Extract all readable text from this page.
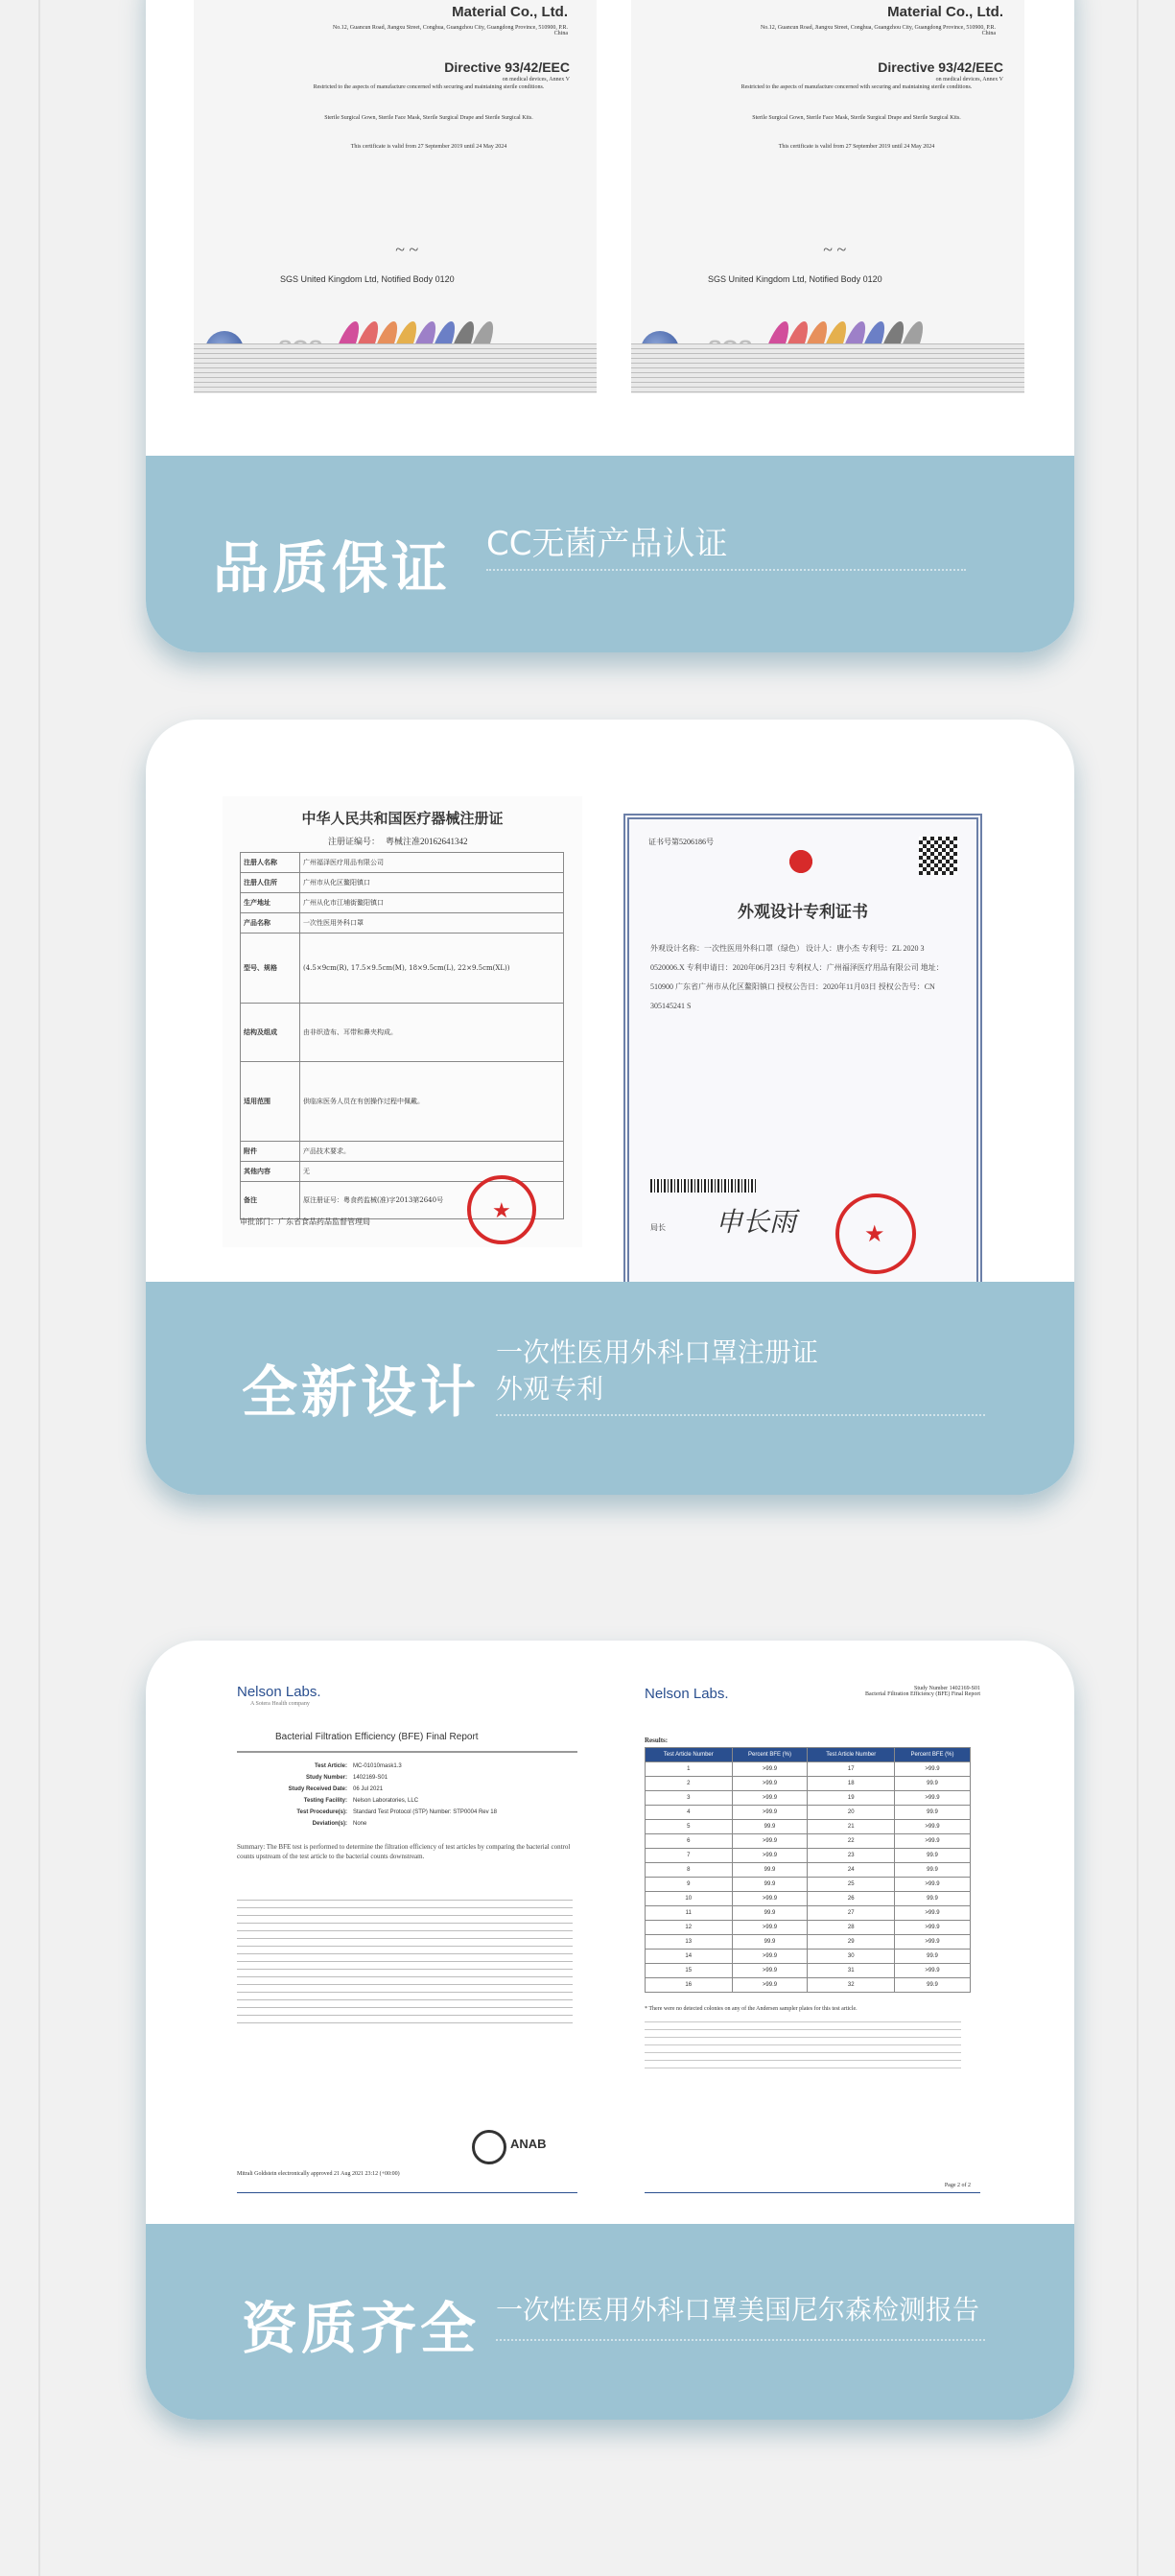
Material Co., Ltd.
No.12, Guancun Road, Jiangxu Street, Conghua, Guangzhou City, Guangdong Province, 510900, P.R. China
Directive 93/42/EEC
on medical devices, Annex V
Restricted to the aspects of manufacture concerned with securing and maintaining sterile conditions.
Sterile Surgical Gown, Sterile Face Mask, Sterile Surgical Drape and Sterile Surgical Kits.
This certificate is valid from 27 September 2019 until 24 May 2024
~ ~
SGS United Kingdom Ltd, Notified Body 0120
Material Co., Ltd.
No.12, Guancun Road, Jiangxu Street, Conghua, Guangzhou City, Guangdong Province, 510900, P.R. China
Directive 93/42/EEC
on medical devices, Annex V
Restricted to the aspects of manufacture concerned with securing and maintaining sterile conditions.
Sterile Surgical Gown, Sterile Face Mask, Sterile Surgical Drape and Sterile Surgical Kits.
This certificate is valid from 27 September 2019 until 24 May 2024
~ ~
SGS United Kingdom Ltd, Notified Body 0120
品质保证 CC无菌产品认证
中华人民共和国医疗器械注册证
注册证编号： 粤械注准20162641342
注册人名称	广州福泽医疗用品有限公司
注册人住所	广州市从化区鳌阳镇口
生产地址	广州从化市江埔街鳌阳镇口
产品名称	一次性医用外科口罩
型号、规格	(4.5×9cm(R), 17.5×9.5cm(M), 18×9.5cm(L), 22×9.5cm(XL))
结构及组成	由非织造布、耳带和鼻夹构成。
适用范围	供临床医务人员在有创操作过程中佩戴。
附件	产品技术要求。
其他内容	无
备注	原注册证号：粤食药监械(准)字2013第2640号
审批部门：广东省食品药品监督管理局	★
证书号第5206186号
外观设计专利证书
外观设计名称：一次性医用外科口罩（绿色） 设计人：唐小杰 专利号：ZL 2020 3 0520006.X 专利申请日：2020年06月23日 专利权人：广州福泽医疗用品有限公司 地址：510900 广东省广州市从化区鳌阳镇口 授权公告日：2020年11月03日 授权公告号：CN 305145241 S
申长雨
局长	★
全新设计
一次性医用外科口罩注册证
外观专利
Nelson Labs.
A Sotera Health company
Bacterial Filtration Efficiency (BFE) Final Report
Test Article:	MC-01010mask1.3
Study Number:	1402169-S01
Study Received Date:	06 Jul 2021
Testing Facility:	Nelson Laboratories, LLC
Test Procedure(s):	Standard Test Protocol (STP) Number: STP0004 Rev 18
Deviation(s):	None
Summary: The BFE test is performed to determine the filtration efficiency of test articles by comparing the bacterial control counts upstream of the test article to the bacterial counts downstream.
ANAB
Mitrali Goldstein electronically approved 21 Aug 2021 23:12 (+00:00)
Nelson Labs.	Study Number 1402169-S01
Bacterial Filtration Efficiency (BFE) Final Report
Results:
Test Article Number	Percent BFE (%)	Test Article Number	Percent BFE (%)
1	>99.9	17	>99.9
2	>99.9	18	99.9
3	>99.9	19	>99.9
4	>99.9	20	99.9
5	99.9	21	>99.9
6	>99.9	22	>99.9
7	>99.9	23	99.9
8	99.9	24	99.9
9	99.9	25	>99.9
10	>99.9	26	99.9
11	99.9	27	>99.9
12	>99.9	28	>99.9
13	99.9	29	>99.9
14	>99.9	30	99.9
15	>99.9	31	>99.9
16	>99.9	32	99.9
* There were no detected colonies on any of the Andersen sampler plates for this test article.
Page 2 of 2
资质齐全 一次性医用外科口罩美国尼尔森检测报告
